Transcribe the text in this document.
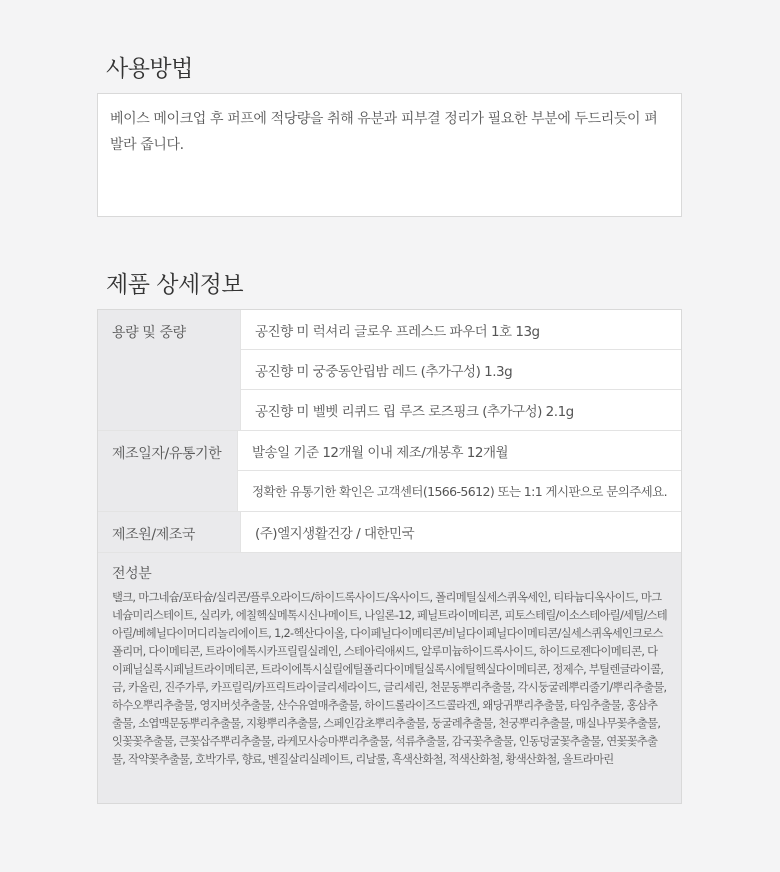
사용방법
베이스 메이크업 후 퍼프에 적당량을 취해 유분과 피부결 정리가 필요한 부분에 두드리듯이 펴 발라 줍니다.
제품 상세정보
용량 및 중량	공진향 미 럭셔리 글로우 프레스드 파우더 1호 13g
공진향 미 궁중동안립밤 레드 (추가구성) 1.3g
공진향 미 벨벳 리퀴드 립 루즈 로즈핑크 (추가구성) 2.1g
제조일자/유통기한	발송일 기준 12개월 이내 제조/개봉후 12개월
정확한 유통기한 확인은 고객센터(1566-5612) 또는 1:1 게시판으로 문의주세요.
제조원/제조국	(주)엘지생활건강 / 대한민국
전성분
탤크, 마그네슘/포타슘/실리콘/플루오라이드/하이드록사이드/옥사이드, 폴리메틸실세스퀴옥세인, 티타늄디옥사이드, 마그네슘미리스테이트, 실리카, 에칠헥실메톡시신나메이트, 나일론-12, 페닐트라이메티콘, 피토스테릴/이소스테아릴/세틸/스테아릴/베헤닐다이머디리놀리에이트, 1,2-헥산다이올, 다이페닐다이메티콘/비닐다이페닐다이메티콘/실세스퀴옥세인크로스폴리머, 다이메티콘, 트라이에톡시카프릴릴실레인, 스테아릭애씨드, 알루미늄하이드록사이드, 하이드로젠다이메티콘, 다이페닐실록시페닐트라이메티콘, 트라이에톡시실릴에틸폴리다이메틸실록시에틸헥실다이메티콘, 정제수, 부틸렌글라이콜, 금, 카올린, 진주가루, 카프릴릭/카프릭트라이글리세라이드, 글리세린, 천문동뿌리추출물, 각시둥굴레뿌리줄기/뿌리추출물, 하수오뿌리추출물, 영지버섯추출물, 산수유열매추출물, 하이드롤라이즈드콜라겐, 왜당귀뿌리추출물, 타임추출물, 홍삼추출물, 소엽맥문동뿌리추출물, 지황뿌리추출물, 스페인감초뿌리추출물, 둥굴레추출물, 천궁뿌리추출물, 매실나무꽃추출물, 잇꽃꽃추출물, 큰꽃삽주뿌리추출물, 라케모사승마뿌리추출물, 석류추출물, 감국꽃추출물, 인동덩굴꽃추출물, 연꽃꽃추출물, 작약꽃추출물, 호박가루, 향료, 벤질살리실레이트, 리날룰, 흑색산화철, 적색산화철, 황색산화철, 울트라마린
